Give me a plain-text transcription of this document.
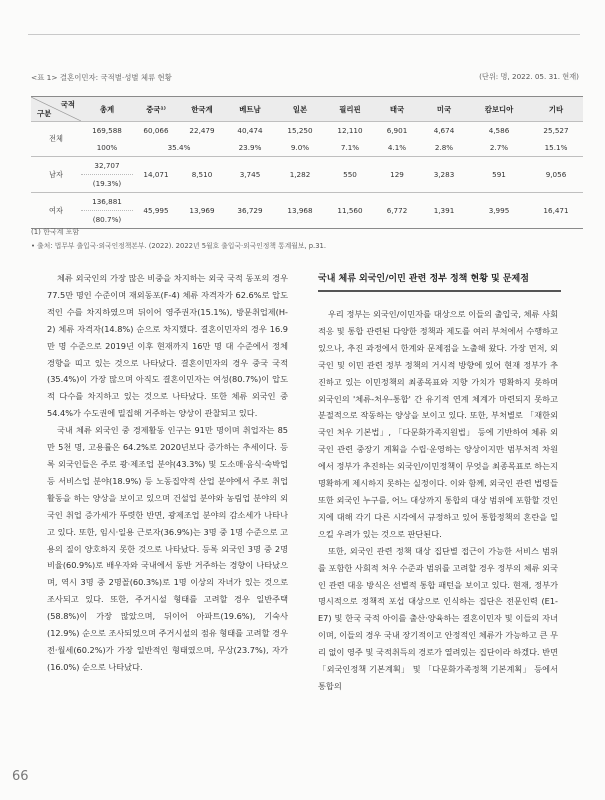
<표 1> 결혼이민자: 국적별·성별 체류 현황	(단위: 명, 2022. 05. 31. 현재)
국적
구분	총계	중국¹⁾	한국계	베트남	일본	필리핀	태국	미국	캄보디아	기타
전체	169,588	60,066	22,479	40,474	15,250	12,110	6,901	4,674	4,586	25,527
	100%	35.4%		23.9%	9.0%	7.1%	4.1%	2.8%	2.7%	15.1%
남자	32,707	14,071	8,510	3,745	1,282	550	129	3,283	591	9,056
	(19.3%)									
여자	136,881	45,995	13,969	36,729	13,968	11,560	6,772	1,391	3,995	16,471
	(80.7%)									
(1) 한국계 포함
• 출처: 법무부 출입국·외국인정책본부. (2022). 2022년 5월호 출입국·외국인정책 통계월보, p.31.

체류 외국인의 가장 많은 비중을 차지하는 외국 국적 동포의 경우 77.5만 명인 수준이며 재외동포(F-4) 체류 자격자가 62.6%로 압도적인 수를 차지하였으며 뒤이어 영주권자(15.1%), 방문취업제(H-2) 체류 자격자(14.8%) 순으로 차지했다. 결혼이민자의 경우 16.9만 명 수준으로 2019년 이후 현재까지 16만 명 대 수준에서 정체 경향을 띠고 있는 것으로 나타났다. 결혼이민자의 경우 중국 국적(35.4%)이 가장 많으며 아직도 결혼이민자는 여성(80.7%)이 압도적 다수를 차지하고 있는 것으로 나타났다. 또한 체류 외국인 중 54.4%가 수도권에 밀집해 거주하는 양상이 관찰되고 있다.

국내 체류 외국인 중 경제활동 인구는 91만 명이며 취업자는 85만 5천 명, 고용률은 64.2%로 2020년보다 증가하는 추세이다. 등록 외국인들은 주로 광·제조업 분야(43.3%) 및 도소매·음식·숙박업 등 서비스업 분야(18.9%) 등 노동집약적 산업 분야에서 주로 취업 활동을 하는 양상을 보이고 있으며 건설업 분야와 농림업 분야의 외국인 취업 증가세가 뚜렷한 반면, 광제조업 분야의 감소세가 나타나고 있다. 또한, 임시·일용 근로자(36.9%)는 3명 중 1명 수준으로 고용의 질이 양호하지 못한 것으로 나타났다. 등록 외국인 3명 중 2명 비율(60.9%)로 배우자와 국내에서 동반 거주하는 경향이 나타났으며, 역시 3명 중 2명꼴(60.3%)로 1명 이상의 자녀가 있는 것으로 조사되고 있다. 또한, 주거시설 형태를 고려할 경우 일반주택(58.8%)이 가장 많았으며, 뒤이어 아파트(19.6%), 기숙사(12.9%) 순으로 조사되었으며 주거시설의 점유 형태를 고려할 경우 전·월세(60.2%)가 가장 일반적인 형태였으며, 무상(23.7%), 자가(16.0%) 순으로 나타났다.

국내 체류 외국인/이민 관련 정부 정책 현황 및 문제점

우리 정부는 외국인/이민자를 대상으로 이들의 출입국, 체류 사회적응 및 통합 관련된 다양한 정책과 제도를 여러 부처에서 수행하고 있으나, 추진 과정에서 한계와 문제점을 노출해 왔다. 가장 먼저, 외국인 및 이민 관련 정부 정책의 거시적 방향에 있어 현재 정부가 추진하고 있는 이민정책의 최종목표와 지향 가치가 명확하지 못하며 외국인의 '체류-처우-통합' 간 유기적 연계 체계가 마련되지 못하고 분절적으로 작동하는 양상을 보이고 있다. 또한, 부처별로 「재한외국인 처우 기본법」, 「다문화가족지원법」 등에 기반하여 체류 외국인 관련 중장기 계획을 수립·운영하는 양상이지만 범부처적 차원에서 정부가 추진하는 외국인/이민정책이 무엇을 최종목표로 하는지 명확하게 제시하지 못하는 실정이다. 이와 함께, 외국인 관련 법령들 또한 외국인 누구를, 어느 대상까지 통합의 대상 범위에 포함할 것인지에 대해 각기 다른 시각에서 규정하고 있어 통합정책의 혼란을 일으킬 우려가 있는 것으로 판단된다.

또한, 외국인 관련 정책 대상 집단별 접근이 가능한 서비스 범위를 포함한 사회적 처우 수준과 범위를 고려할 경우 정부의 체류 외국인 관련 대응 방식은 선별적 통합 패턴을 보이고 있다. 현재, 정부가 명시적으로 정책적 포섭 대상으로 인식하는 집단은 전문인력 (E1-E7) 및 한국 국적 아이를 출산·양육하는 결혼이민자 및 이들의 자녀이며, 이들의 경우 국내 장기적이고 안정적인 체류가 가능하고 큰 무리 없이 영주 및 국적취득의 경로가 열려있는 집단이라 하겠다. 반면 「외국인정책 기본계획」 및 「다문화가족정책 기본계획」 등에서 통합의

66
